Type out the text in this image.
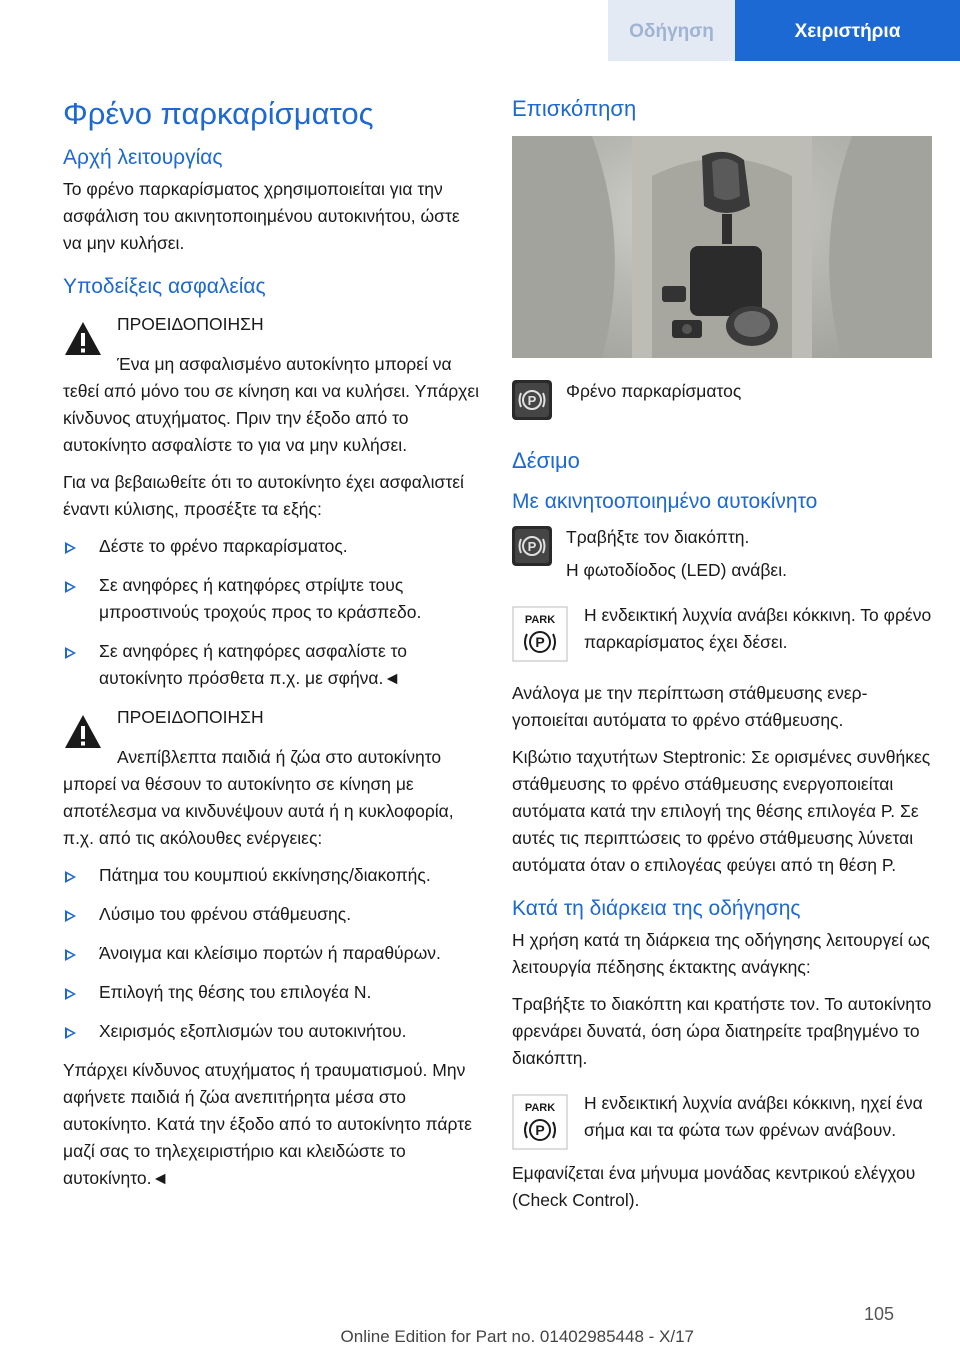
Οδήγηση	Χειριστήρια
Φρένο παρκαρίσματος
Αρχή λειτουργίας

Το φρένο παρκαρίσματος χρησιμοποιείται για την ασφάλιση του ακινητοποιημένου αυτοκινήτου, ώστε να μην κυλήσει.

Υποδείξεις ασφαλείας
ΠΡΟΕΙΔΟΠΟΙΗΣΗ

Ένα μη ασφαλισμένο αυτοκίνητο μπορεί να τεθεί από μόνο του σε κίνηση και να κυλήσει. Υπάρχει κίνδυνος ατυχήματος. Πριν την έξοδο από το αυτοκίνητο ασφαλίστε το για να μην κυλήσει.

Για να βεβαιωθείτε ότι το αυτοκίνητο έχει ασφαλιστεί έναντι κύλισης, προσέξτε τα εξής:

Δέστε το φρένο παρκαρίσματος.
Σε ανηφόρες ή κατηφόρες στρίψτε τους μπροστινούς τροχούς προς το κράσπεδο.
Σε ανηφόρες ή κατηφόρες ασφαλίστε το αυτοκίνητο πρόσθετα π.χ. με σφήνα.◄
ΠΡΟΕΙΔΟΠΟΙΗΣΗ

Ανεπίβλεπτα παιδιά ή ζώα στο αυτοκίνητο μπορεί να θέσουν το αυτοκίνητο σε κίνηση με αποτέλεσμα να κινδυνέψουν αυτά ή η κυκλοφορία, π.χ. από τις ακόλουθες ενέργειες:

Πάτημα του κουμπιού εκκίνησης/διακοπής.
Λύσιμο του φρένου στάθμευσης.
Άνοιγμα και κλείσιμο πορτών ή παραθύρων.
Επιλογή της θέσης του επιλογέα N.
Χειρισμός εξοπλισμών του αυτοκινήτου.

Υπάρχει κίνδυνος ατυχήματος ή τραυματισμού. Μην αφήνετε παιδιά ή ζώα ανεπιτήρητα μέσα στο αυτοκίνητο. Κατά την έξοδο από το αυτοκίνητο πάρτε μαζί σας το τηλεχειριστήριο και κλειδώστε το αυτοκίνητο.◄

Επισκόπηση
P Φρένο παρκαρίσματος

Δέσιμο
Με ακινητοοποιημένο αυτοκίνητο
P Τραβήξτε τον διακόπτη.

Η φωτοδίοδος (LED) ανάβει.

PARK
P

Η ενδεικτική λυχνία ανάβει κόκκινη. Το φρένο παρκαρίσματος έχει δέσει.

Ανάλογα με την περίπτωση στάθμευσης ενεργοποιείται αυτόματα το φρένο στάθμευσης.

Κιβώτιο ταχυτήτων Steptronic: Σε ορισμένες συνθήκες στάθμευσης το φρένο στάθμευσης ενεργοποιείται αυτόματα κατά την επιλογή της θέσης επιλογέα P. Σε αυτές τις περιπτώσεις το φρένο στάθμευσης λύνεται αυτόματα όταν ο επιλογέας φεύγει από τη θέση P.

Κατά τη διάρκεια της οδήγησης

Η χρήση κατά τη διάρκεια της οδήγησης λειτουργεί ως λειτουργία πέδησης έκτακτης ανάγκης:

Τραβήξτε το διακόπτη και κρατήστε τον. Το αυτοκίνητο φρενάρει δυνατά, όση ώρα διατηρείτε τραβηγμένο το διακόπτη.

PARK
P

Η ενδεικτική λυχνία ανάβει κόκκινη, ηχεί ένα σήμα και τα φώτα των φρένων ανάβουν.

Εμφανίζεται ένα μήνυμα μονάδας κεντρικού ελέγχου (Check Control).

105
Online Edition for Part no. 01402985448 - X/17
